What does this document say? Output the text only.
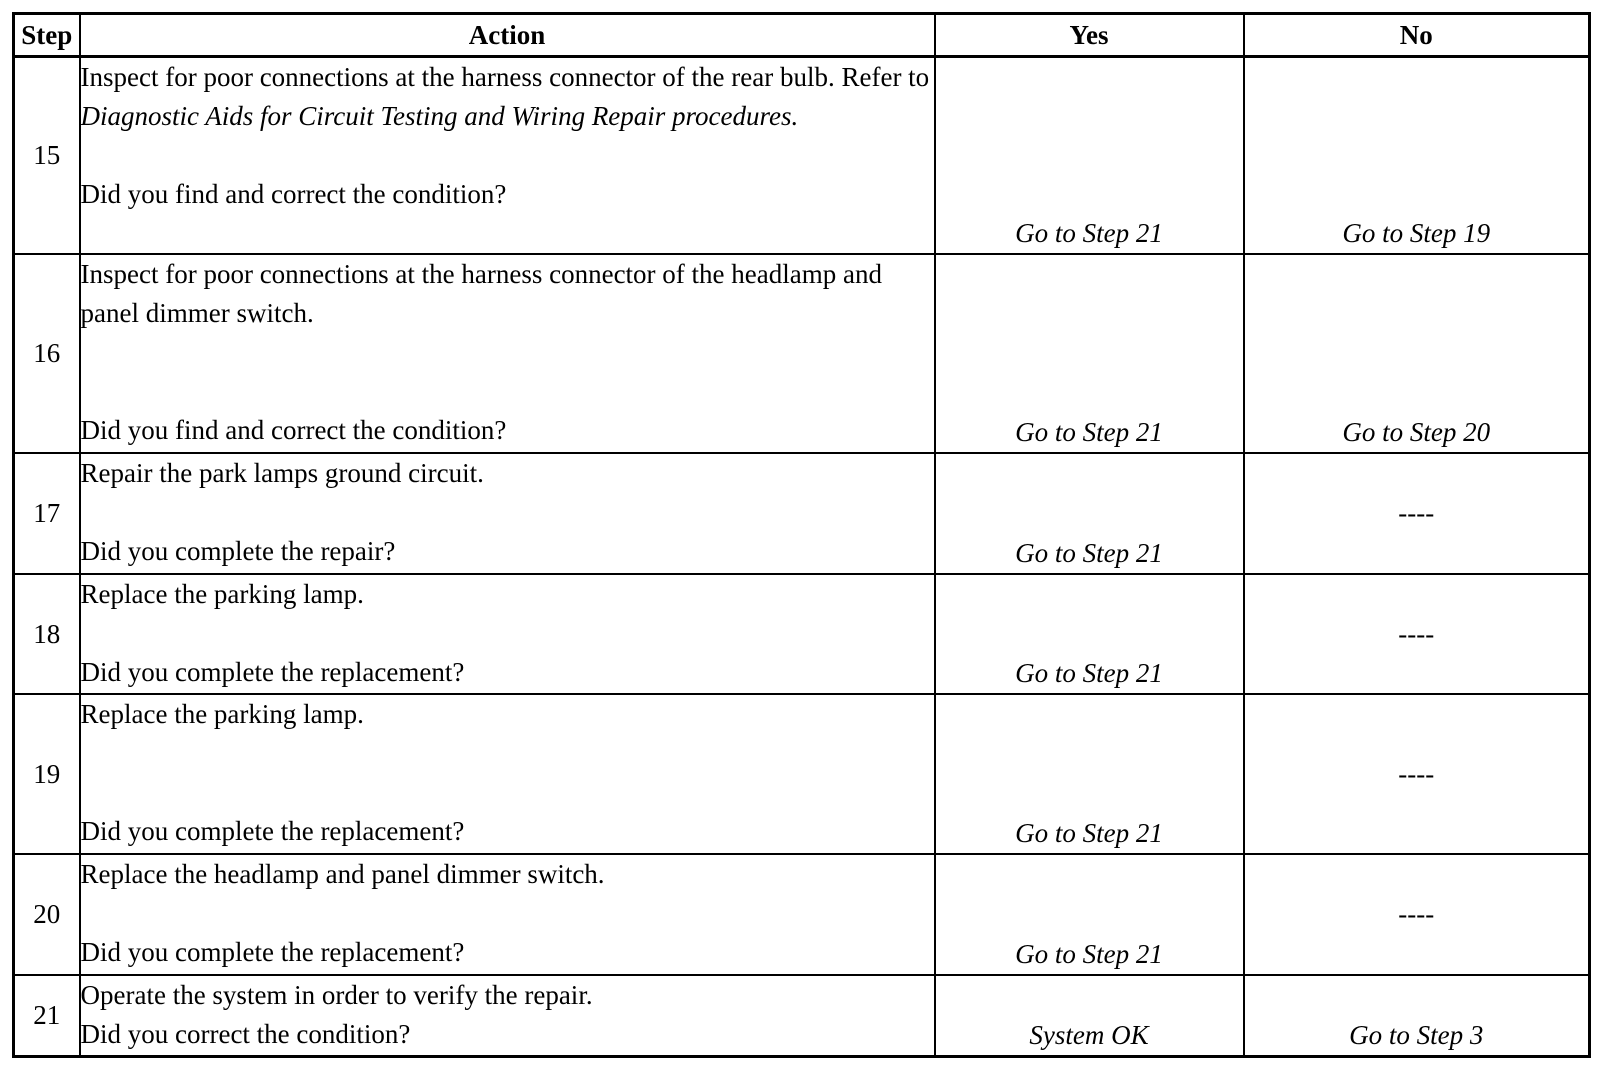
Step	Action	Yes	No
15	Inspect for poor connections at the harness connector of the rear bulb. Refer to Diagnostic Aids for Circuit Testing and Wiring Repair procedures.
Did you find and correct the condition?	Go to Step 21	Go to Step 19
16	Inspect for poor connections at the harness connector of the headlamp and panel dimmer switch.
Did you find and correct the condition?	Go to Step 21	Go to Step 20
17	Repair the park lamps ground circuit.
Did you complete the repair?	Go to Step 21	----
18	Replace the parking lamp.
Did you complete the replacement?	Go to Step 21	----
19	Replace the parking lamp.
Did you complete the replacement?	Go to Step 21	----
20	Replace the headlamp and panel dimmer switch.
Did you complete the replacement?	Go to Step 21	----
21	Operate the system in order to verify the repair.
Did you correct the condition?	System OK	Go to Step 3
